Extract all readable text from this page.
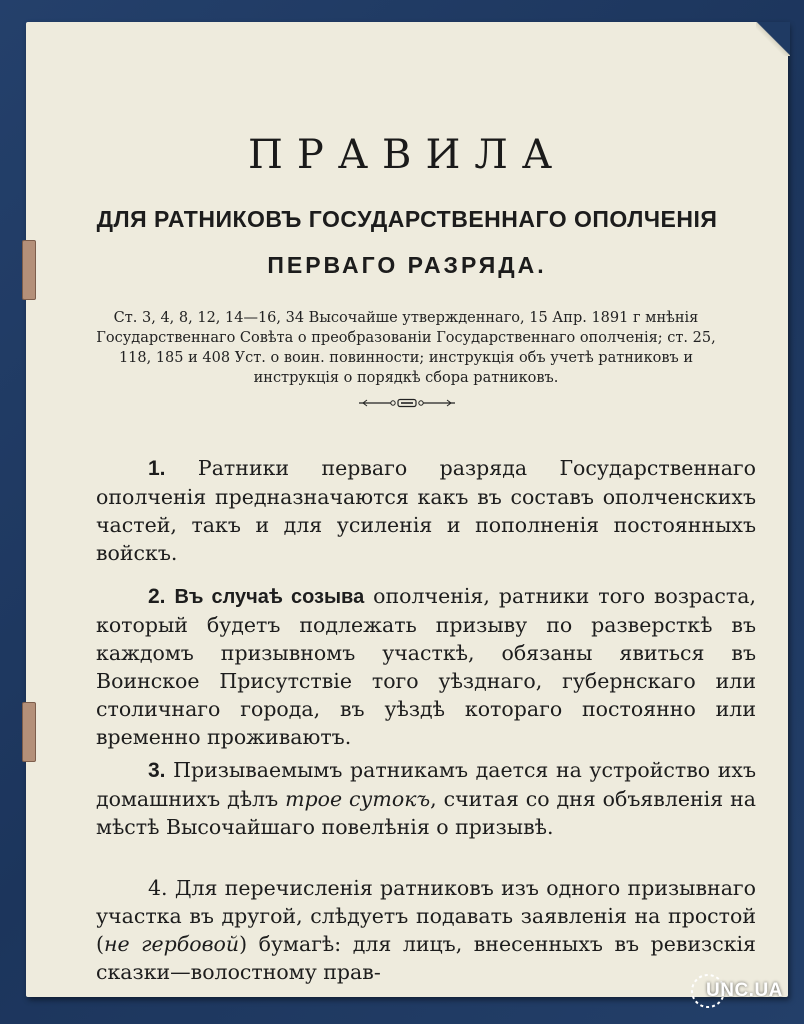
ПРАВИЛА
ДЛЯ РАТНИКОВЪ ГОСУДАРСТВЕННАГО ОПОЛЧЕНІЯ
ПЕРВАГО РАЗРЯДА.
Ст. 3, 4, 8, 12, 14—16, 34 Высочайше утвержденнаго, 15 Апр. 1891 г мнѣнія Государственнаго Совѣта о преобразованіи Государственнаго ополченія; ст. 25, 118, 185 и 408 Уст. о воин. повинности; инструкція объ учетѣ ратниковъ и инструкція о порядкѣ сбора ратниковъ.
1. Ратники перваго разряда Государственнаго ополченія предназначаются какъ въ составъ ополченскихъ частей, такъ и для усиленія и пополненія постоянныхъ войскъ.
2. Въ случаѣ созыва ополченія, ратники того возраста, который будетъ подлежать призыву по разверсткѣ въ каждомъ призывномъ участкѣ, обязаны явиться въ Воинское Присутствіе того уѣзднаго, губернскаго или столичнаго города, въ уѣздѣ котораго постоянно или временно проживаютъ.
3. Призываемымъ ратникамъ дается на устройство ихъ домашнихъ дѣлъ трое сутокъ, считая со дня объявленія на мѣстѣ Высочайшаго повелѣнія о призывѣ.
4. Для перечисленія ратниковъ изъ одного призывнаго участка въ другой, слѣдуетъ подавать заявленія на простой (не гербовой) бумагѣ: для лицъ, внесенныхъ въ ревизскія сказки—волостному прав-
UNC.UA
